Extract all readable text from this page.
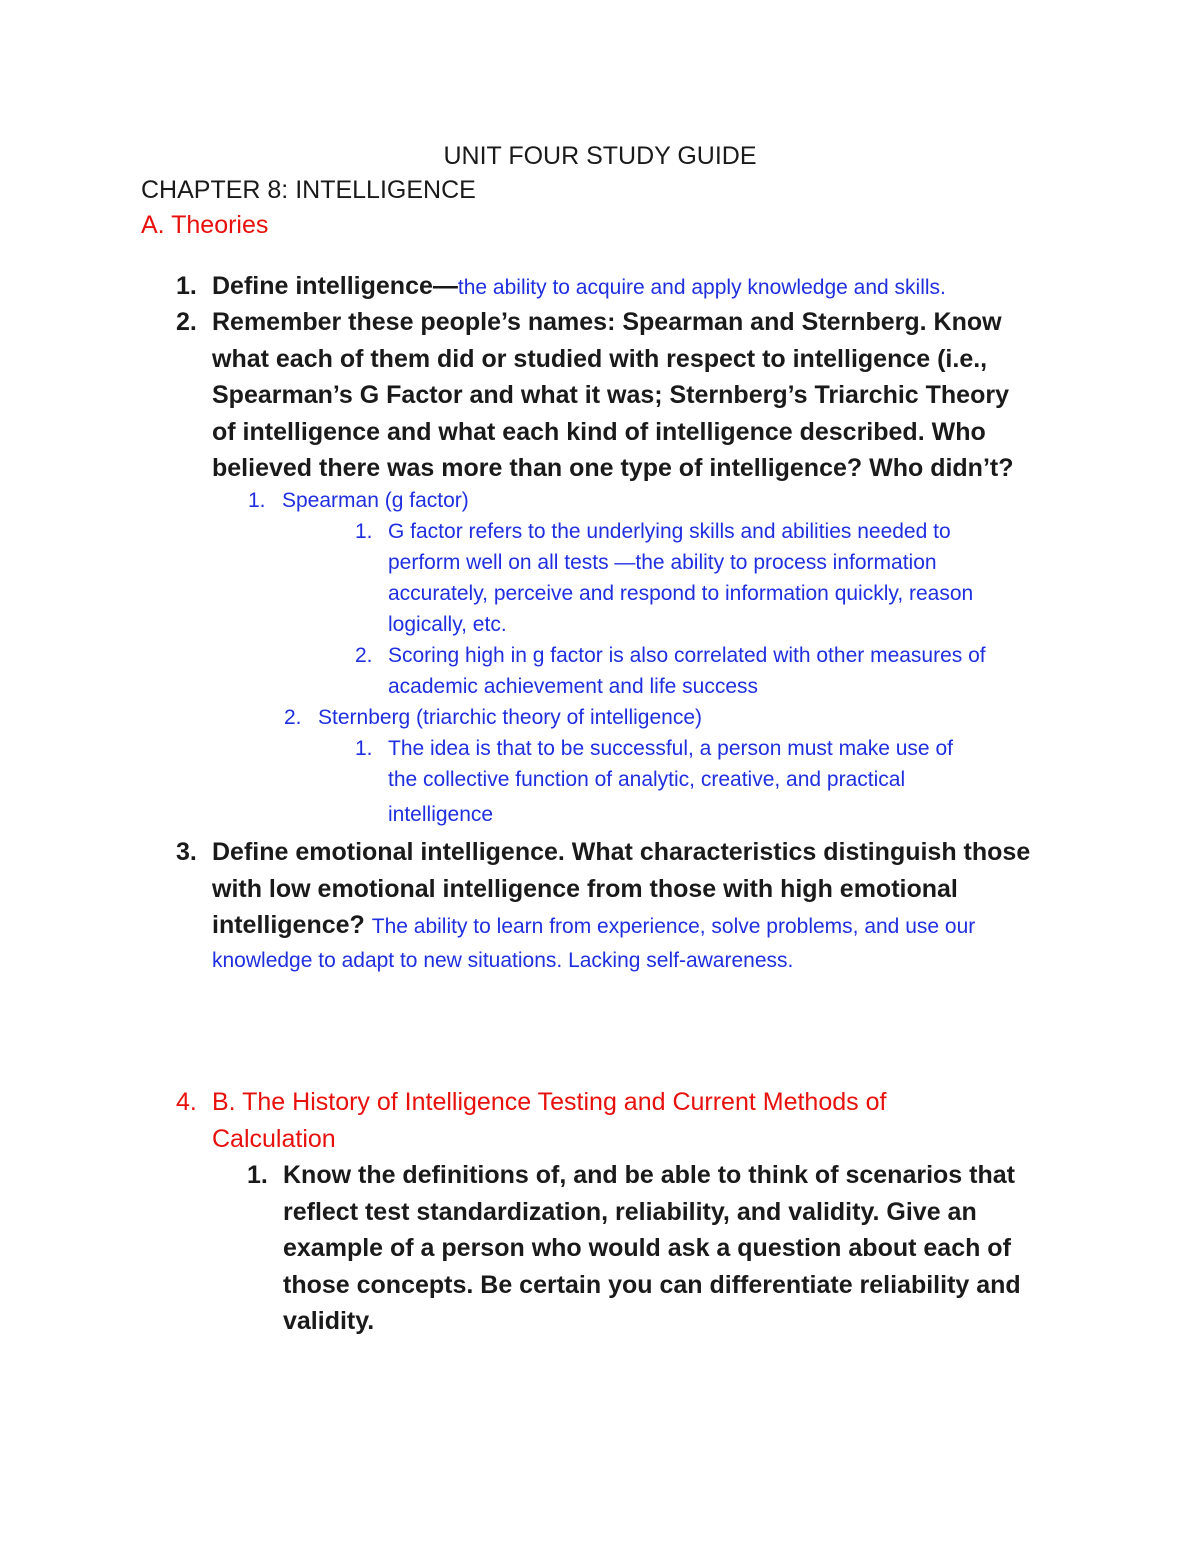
UNIT FOUR STUDY GUIDE
CHAPTER 8: INTELLIGENCE
A. Theories
1. Define intelligence—the ability to acquire and apply knowledge and skills.
2. Remember these people’s names: Spearman and Sternberg. Know
what each of them did or studied with respect to intelligence (i.e.,
Spearman’s G Factor and what it was; Sternberg’s Triarchic Theory
of intelligence and what each kind of intelligence described. Who
believed there was more than one type of intelligence? Who didn’t?
1. Spearman (g factor)
1. G factor refers to the underlying skills and abilities needed to
perform well on all tests —the ability to process information
accurately, perceive and respond to information quickly, reason
logically, etc.
2. Scoring high in g factor is also correlated with other measures of
academic achievement and life success
2. Sternberg (triarchic theory of intelligence)
1. The idea is that to be successful, a person must make use of
the collective function of analytic, creative, and practical
intelligence
3. Define emotional intelligence. What characteristics distinguish those
with low emotional intelligence from those with high emotional
intelligence? The ability to learn from experience, solve problems, and use our
knowledge to adapt to new situations. Lacking self-awareness.
4. B. The History of Intelligence Testing and Current Methods of
Calculation
1. Know the definitions of, and be able to think of scenarios that
reflect test standardization, reliability, and validity. Give an
example of a person who would ask a question about each of
those concepts. Be certain you can differentiate reliability and
validity.
